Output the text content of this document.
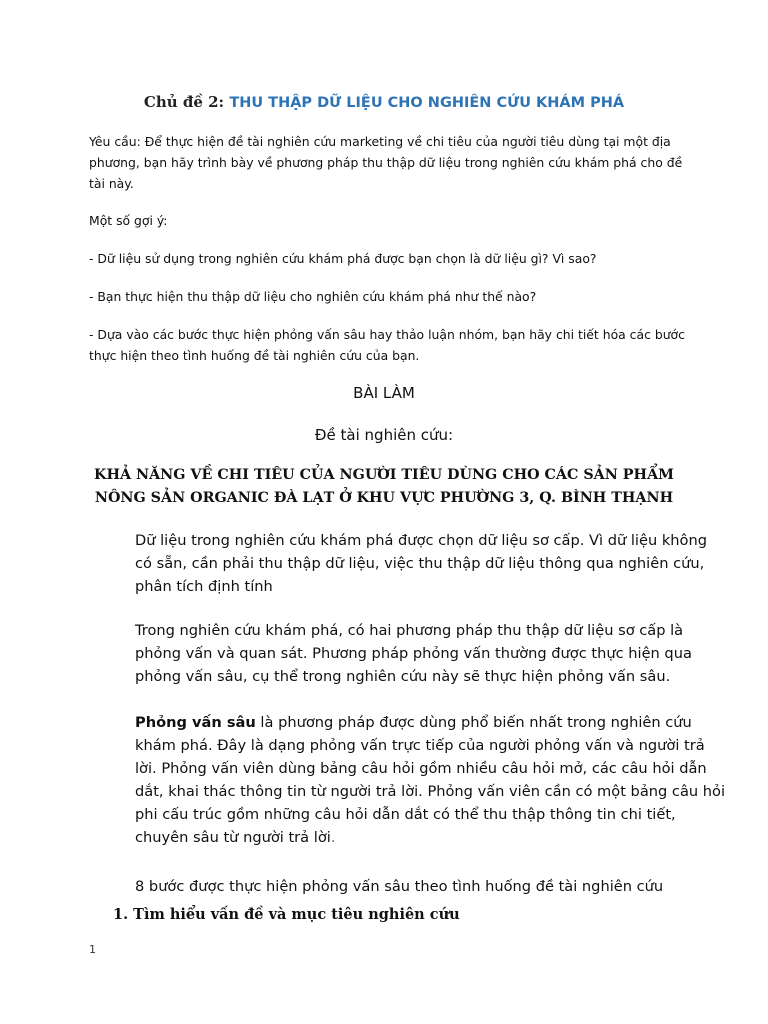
Chủ đề 2: THU THẬP DỮ LIỆU CHO NGHIÊN CỨU KHÁM PHÁ
Yêu cầu: Để thực hiện đề tài nghiên cứu marketing về chi tiêu của người tiêu dùng tại một địa phương, bạn hãy trình bày về phương pháp thu thập dữ liệu trong nghiên cứu khám phá cho đề tài này.
Một số gợi ý:
- Dữ liệu sử dụng trong nghiên cứu khám phá được bạn chọn là dữ liệu gì? Vì sao?
- Bạn thực hiện thu thập dữ liệu cho nghiên cứu khám phá như thế nào?
- Dựa vào các bước thực hiện phỏng vấn sâu hay thảo luận nhóm, bạn hãy chi tiết hóa các bước thực hiện theo tình huống đề tài nghiên cứu của bạn.
BÀI LÀM
Đề tài nghiên cứu:
KHẢ NĂNG VỀ CHI TIÊU CỦA NGƯỜI TIÊU DÙNG CHO CÁC SẢN PHẨM
NÔNG SẢN ORGANIC ĐÀ LẠT Ở KHU VỰC PHƯỜNG 3, Q. BÌNH THẠNH
Dữ liệu trong nghiên cứu khám phá được chọn dữ liệu sơ cấp. Vì dữ liệu không có sẵn, cần phải thu thập dữ liệu, việc thu thập dữ liệu thông qua nghiên cứu, phân tích định tính
Trong nghiên cứu khám phá, có hai phương pháp thu thập dữ liệu sơ cấp là phỏng vấn và quan sát. Phương pháp phỏng vấn thường được thực hiện qua phỏng vấn sâu, cụ thể trong nghiên cứu này sẽ thực hiện phỏng vấn sâu.
Phỏng vấn sâu là phương pháp được dùng phổ biến nhất trong nghiên cứu khám phá. Đây là dạng phỏng vấn trực tiếp của người phỏng vấn và người trả lời. Phỏng vấn viên dùng bảng câu hỏi gồm nhiều câu hỏi mở, các câu hỏi dẫn dắt, khai thác thông tin từ người trả lời. Phỏng vấn viên cần có một bảng câu hỏi phi cấu trúc gồm những câu hỏi dẫn dắt có thể thu thập thông tin chi tiết, chuyên sâu từ người trả lời.
8 bước được thực hiện phỏng vấn sâu theo tình huống đề tài nghiên cứu
1. Tìm hiểu vấn đề và mục tiêu nghiên cứu
1
